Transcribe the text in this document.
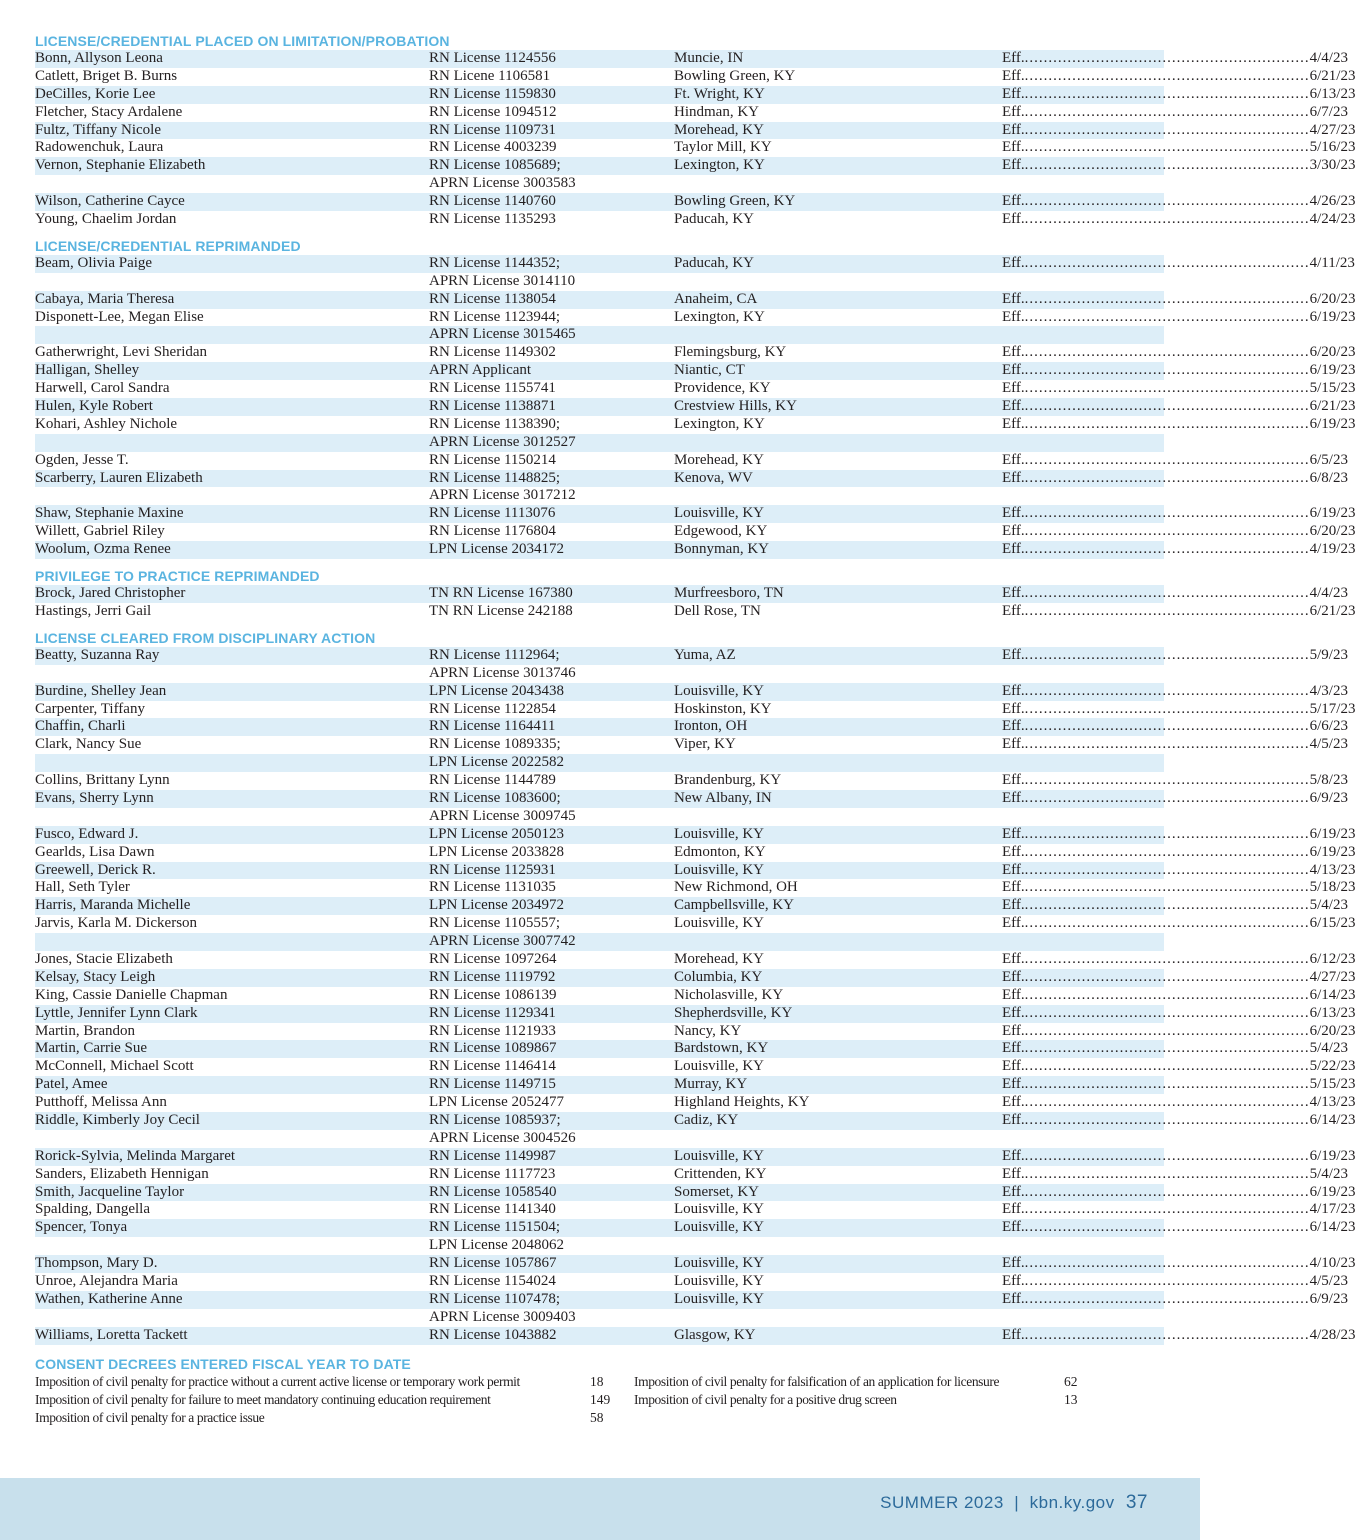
LICENSE/CREDENTIAL PLACED ON LIMITATION/PROBATION
Bonn, Allyson Leona	RN License 1124556	Muncie, IN	Eff. ............................................................ 4/4/23
Catlett, Briget B. Burns	RN Licene 1106581	Bowling Green, KY	Eff. ............................................................ 6/21/23
DeCilles, Korie Lee	RN License 1159830	Ft. Wright, KY	Eff. ............................................................ 6/13/23
Fletcher, Stacy Ardalene	RN License 1094512	Hindman, KY	Eff. ............................................................ 6/7/23
Fultz, Tiffany Nicole	RN License 1109731	Morehead, KY	Eff. ............................................................ 4/27/23
Radowenchuk, Laura	RN License 4003239	Taylor Mill, KY	Eff. ............................................................ 5/16/23
Vernon, Stephanie Elizabeth	RN License 1085689;	Lexington, KY	Eff. ............................................................ 3/30/23
APRN License 3003583
Wilson, Catherine Cayce	RN License 1140760	Bowling Green, KY	Eff. ............................................................ 4/26/23
Young, Chaelim Jordan	RN License 1135293	Paducah, KY	Eff. ............................................................ 4/24/23
LICENSE/CREDENTIAL REPRIMANDED
Beam, Olivia Paige	RN License 1144352;	Paducah, KY	Eff. ............................................................ 4/11/23
APRN License 3014110
Cabaya, Maria Theresa	RN License 1138054	Anaheim, CA	Eff. ............................................................ 6/20/23
Disponett-Lee, Megan Elise	RN License 1123944;	Lexington, KY	Eff. ............................................................ 6/19/23
APRN License 3015465
Gatherwright, Levi Sheridan	RN License 1149302	Flemingsburg, KY	Eff. ............................................................ 6/20/23
Halligan, Shelley	APRN Applicant	Niantic, CT	Eff. ............................................................ 6/19/23
Harwell, Carol Sandra	RN License 1155741	Providence, KY	Eff. ............................................................ 5/15/23
Hulen, Kyle Robert	RN License 1138871	Crestview Hills, KY	Eff. ............................................................ 6/21/23
Kohari, Ashley Nichole	RN License 1138390;	Lexington, KY	Eff. ............................................................ 6/19/23
APRN License 3012527
Ogden, Jesse T.	RN License 1150214	Morehead, KY	Eff. ............................................................ 6/5/23
Scarberry, Lauren Elizabeth	RN License 1148825;	Kenova, WV	Eff. ............................................................ 6/8/23
APRN License 3017212
Shaw, Stephanie Maxine	RN License 1113076	Louisville, KY	Eff. ............................................................ 6/19/23
Willett, Gabriel Riley	RN License 1176804	Edgewood, KY	Eff. ............................................................ 6/20/23
Woolum, Ozma Renee	LPN License 2034172	Bonnyman, KY	Eff. ............................................................ 4/19/23
PRIVILEGE TO PRACTICE REPRIMANDED
Brock, Jared Christopher	TN RN License 167380	Murfreesboro, TN	Eff. ............................................................ 4/4/23
Hastings, Jerri Gail	TN RN License 242188	Dell Rose, TN	Eff. ............................................................ 6/21/23
LICENSE CLEARED FROM DISCIPLINARY ACTION
Beatty, Suzanna Ray	RN License 1112964;	Yuma, AZ	Eff. ............................................................ 5/9/23
APRN License 3013746
Burdine, Shelley Jean	LPN License 2043438	Louisville, KY	Eff. ............................................................ 4/3/23
Carpenter, Tiffany	RN License 1122854	Hoskinston, KY	Eff. ............................................................ 5/17/23
Chaffin, Charli	RN License 1164411	Ironton, OH	Eff. ............................................................ 6/6/23
Clark, Nancy Sue	RN License 1089335;	Viper, KY	Eff. ............................................................ 4/5/23
LPN License 2022582
Collins, Brittany Lynn	RN License 1144789	Brandenburg, KY	Eff. ............................................................ 5/8/23
Evans, Sherry Lynn	RN License 1083600;	New Albany, IN	Eff. ............................................................ 6/9/23
APRN License 3009745
Fusco, Edward J.	LPN License 2050123	Louisville, KY	Eff. ............................................................ 6/19/23
Gearlds, Lisa Dawn	LPN License 2033828	Edmonton, KY	Eff. ............................................................ 6/19/23
Greewell, Derick R.	RN License 1125931	Louisville, KY	Eff. ............................................................ 4/13/23
Hall, Seth Tyler	RN License 1131035	New Richmond, OH	Eff. ............................................................ 5/18/23
Harris, Maranda Michelle	LPN License 2034972	Campbellsville, KY	Eff. ............................................................ 5/4/23
Jarvis, Karla M. Dickerson	RN License 1105557;	Louisville, KY	Eff. ............................................................ 6/15/23
APRN License 3007742
Jones, Stacie Elizabeth	RN License 1097264	Morehead, KY	Eff. ............................................................ 6/12/23
Kelsay, Stacy Leigh	RN License 1119792	Columbia, KY	Eff. ............................................................ 4/27/23
King, Cassie Danielle Chapman	RN License 1086139	Nicholasville, KY	Eff. ............................................................ 6/14/23
Lyttle, Jennifer Lynn Clark	RN License 1129341	Shepherdsville, KY	Eff. ............................................................ 6/13/23
Martin, Brandon	RN License 1121933	Nancy, KY	Eff. ............................................................ 6/20/23
Martin, Carrie Sue	RN License 1089867	Bardstown, KY	Eff. ............................................................ 5/4/23
McConnell, Michael Scott	RN License 1146414	Louisville, KY	Eff. ............................................................ 5/22/23
Patel, Amee	RN License 1149715	Murray, KY	Eff. ............................................................ 5/15/23
Putthoff, Melissa Ann	LPN License 2052477	Highland Heights, KY	Eff. ............................................................ 4/13/23
Riddle, Kimberly Joy Cecil	RN License 1085937;	Cadiz, KY	Eff. ............................................................ 6/14/23
APRN License 3004526
Rorick-Sylvia, Melinda Margaret	RN License 1149987	Louisville, KY	Eff. ............................................................ 6/19/23
Sanders, Elizabeth Hennigan	RN License 1117723	Crittenden, KY	Eff. ............................................................ 5/4/23
Smith, Jacqueline Taylor	RN License 1058540	Somerset, KY	Eff. ............................................................ 6/19/23
Spalding, Dangella	RN License 1141340	Louisville, KY	Eff. ............................................................ 4/17/23
Spencer, Tonya	RN License 1151504;	Louisville, KY	Eff. ............................................................ 6/14/23
LPN License 2048062
Thompson, Mary D.	RN License 1057867	Louisville, KY	Eff. ............................................................ 4/10/23
Unroe, Alejandra Maria	RN License 1154024	Louisville, KY	Eff. ............................................................ 4/5/23
Wathen, Katherine Anne	RN License 1107478;	Louisville, KY	Eff. ............................................................ 6/9/23
APRN License 3009403
Williams, Loretta Tackett	RN License 1043882	Glasgow, KY	Eff. ............................................................ 4/28/23
CONSENT DECREES ENTERED FISCAL YEAR TO DATE
Imposition of civil penalty for practice without a current active license or temporary work permit	18	Imposition of civil penalty for falsification of an application for licensure	62
Imposition of civil penalty for failure to meet mandatory continuing education requirement	149	Imposition of civil penalty for a positive drug screen	13
Imposition of civil penalty for a practice issue	58
SUMMER 2023 | kbn.ky.gov 37
